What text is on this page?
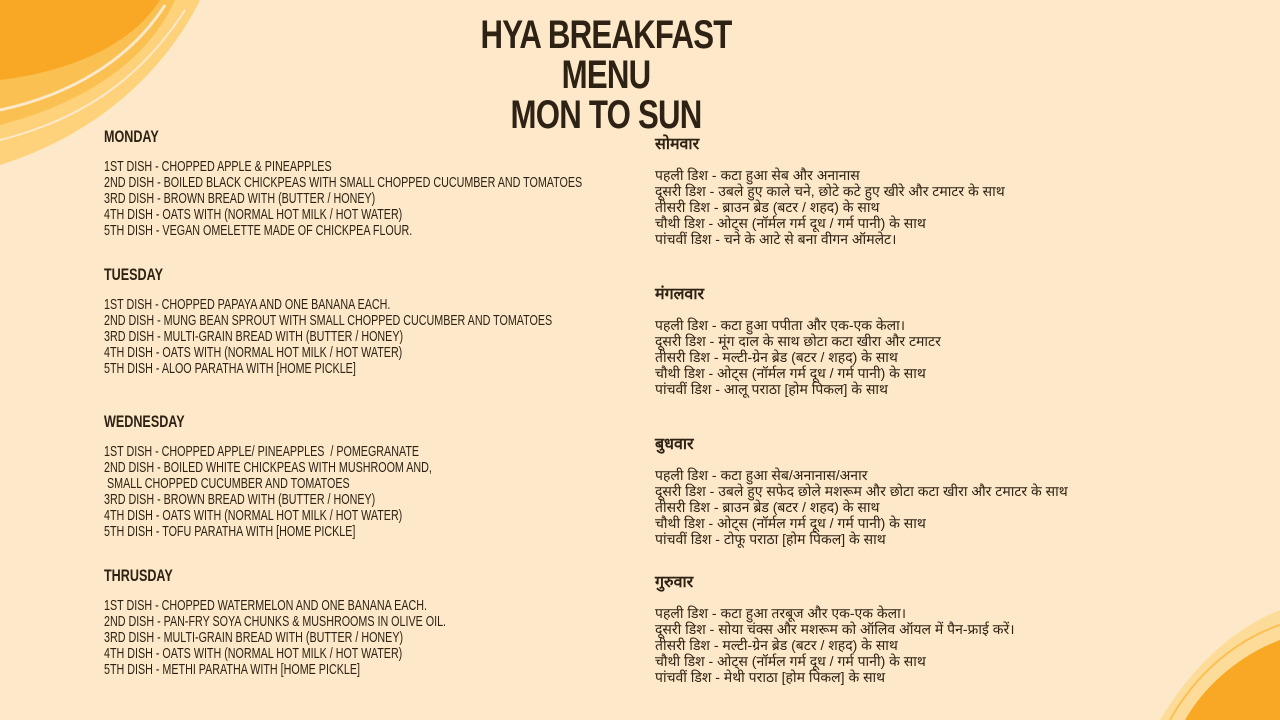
HYA BREAKFAST MENU
MON TO SUN
MONDAY
1ST DISH - CHOPPED APPLE & PINEAPPLES
2ND DISH - BOILED BLACK CHICKPEAS WITH SMALL CHOPPED CUCUMBER AND TOMATOES
3RD DISH - BROWN BREAD WITH (BUTTER / HONEY)
4TH DISH - OATS WITH (NORMAL HOT MILK / HOT WATER)
5TH DISH - VEGAN OMELETTE MADE OF CHICKPEA FLOUR.
TUESDAY
1ST DISH - CHOPPED PAPAYA AND ONE BANANA EACH.
2ND DISH - MUNG BEAN SPROUT WITH SMALL CHOPPED CUCUMBER AND TOMATOES
3RD DISH - MULTI-GRAIN BREAD WITH (BUTTER / HONEY)
4TH DISH - OATS WITH (NORMAL HOT MILK / HOT WATER)
5TH DISH - ALOO PARATHA WITH [HOME PICKLE]
WEDNESDAY
1ST DISH - CHOPPED APPLE/ PINEAPPLES  / POMEGRANATE
2ND DISH - BOILED WHITE CHICKPEAS WITH MUSHROOM AND,
SMALL CHOPPED CUCUMBER AND TOMATOES
3RD DISH - BROWN BREAD WITH (BUTTER / HONEY)
4TH DISH - OATS WITH (NORMAL HOT MILK / HOT WATER)
5TH DISH - TOFU PARATHA WITH [HOME PICKLE]
THRUSDAY
1ST DISH - CHOPPED WATERMELON AND ONE BANANA EACH.
2ND DISH - PAN-FRY SOYA CHUNKS & MUSHROOMS IN OLIVE OIL.
3RD DISH - MULTI-GRAIN BREAD WITH (BUTTER / HONEY)
4TH DISH - OATS WITH (NORMAL HOT MILK / HOT WATER)
5TH DISH - METHI PARATHA WITH [HOME PICKLE]
सोमवार
पहली डिश - कटा हुआ सेब और अनानास
दूसरी डिश - उबले हुए काले चने, छोटे कटे हुए खीरे और टमाटर के साथ
तीसरी डिश - ब्राउन ब्रेड (बटर / शहद) के साथ
चौथी डिश - ओट्स (नॉर्मल गर्म दूध / गर्म पानी) के साथ
पांचवीं डिश - चने के आटे से बना वीगन ऑमलेट।
मंगलवार
पहली डिश - कटा हुआ पपीता और एक-एक केला।
दूसरी डिश - मूंग दाल के साथ छोटा कटा खीरा और टमाटर
तीसरी डिश - मल्टी-ग्रेन ब्रेड (बटर / शहद) के साथ
चौथी डिश - ओट्स (नॉर्मल गर्म दूध / गर्म पानी) के साथ
पांचवीं डिश - आलू पराठा [होम पिकल] के साथ
बुधवार
पहली डिश - कटा हुआ सेब/अनानास/अनार
दूसरी डिश - उबले हुए सफेद छोले मशरूम और छोटा कटा खीरा और टमाटर के साथ
तीसरी डिश - ब्राउन ब्रेड (बटर / शहद) के साथ
चौथी डिश - ओट्स (नॉर्मल गर्म दूध / गर्म पानी) के साथ
पांचवीं डिश - टोफू पराठा [होम पिकल] के साथ
गुरुवार
पहली डिश - कटा हुआ तरबूज और एक-एक केला।
दूसरी डिश - सोया चंक्स और मशरूम को ऑलिव ऑयल में पैन-फ्राई करें।
तीसरी डिश - मल्टी-ग्रेन ब्रेड (बटर / शहद) के साथ
चौथी डिश - ओट्स (नॉर्मल गर्म दूध / गर्म पानी) के साथ
पांचवीं डिश - मेथी पराठा [होम पिकल] के साथ
